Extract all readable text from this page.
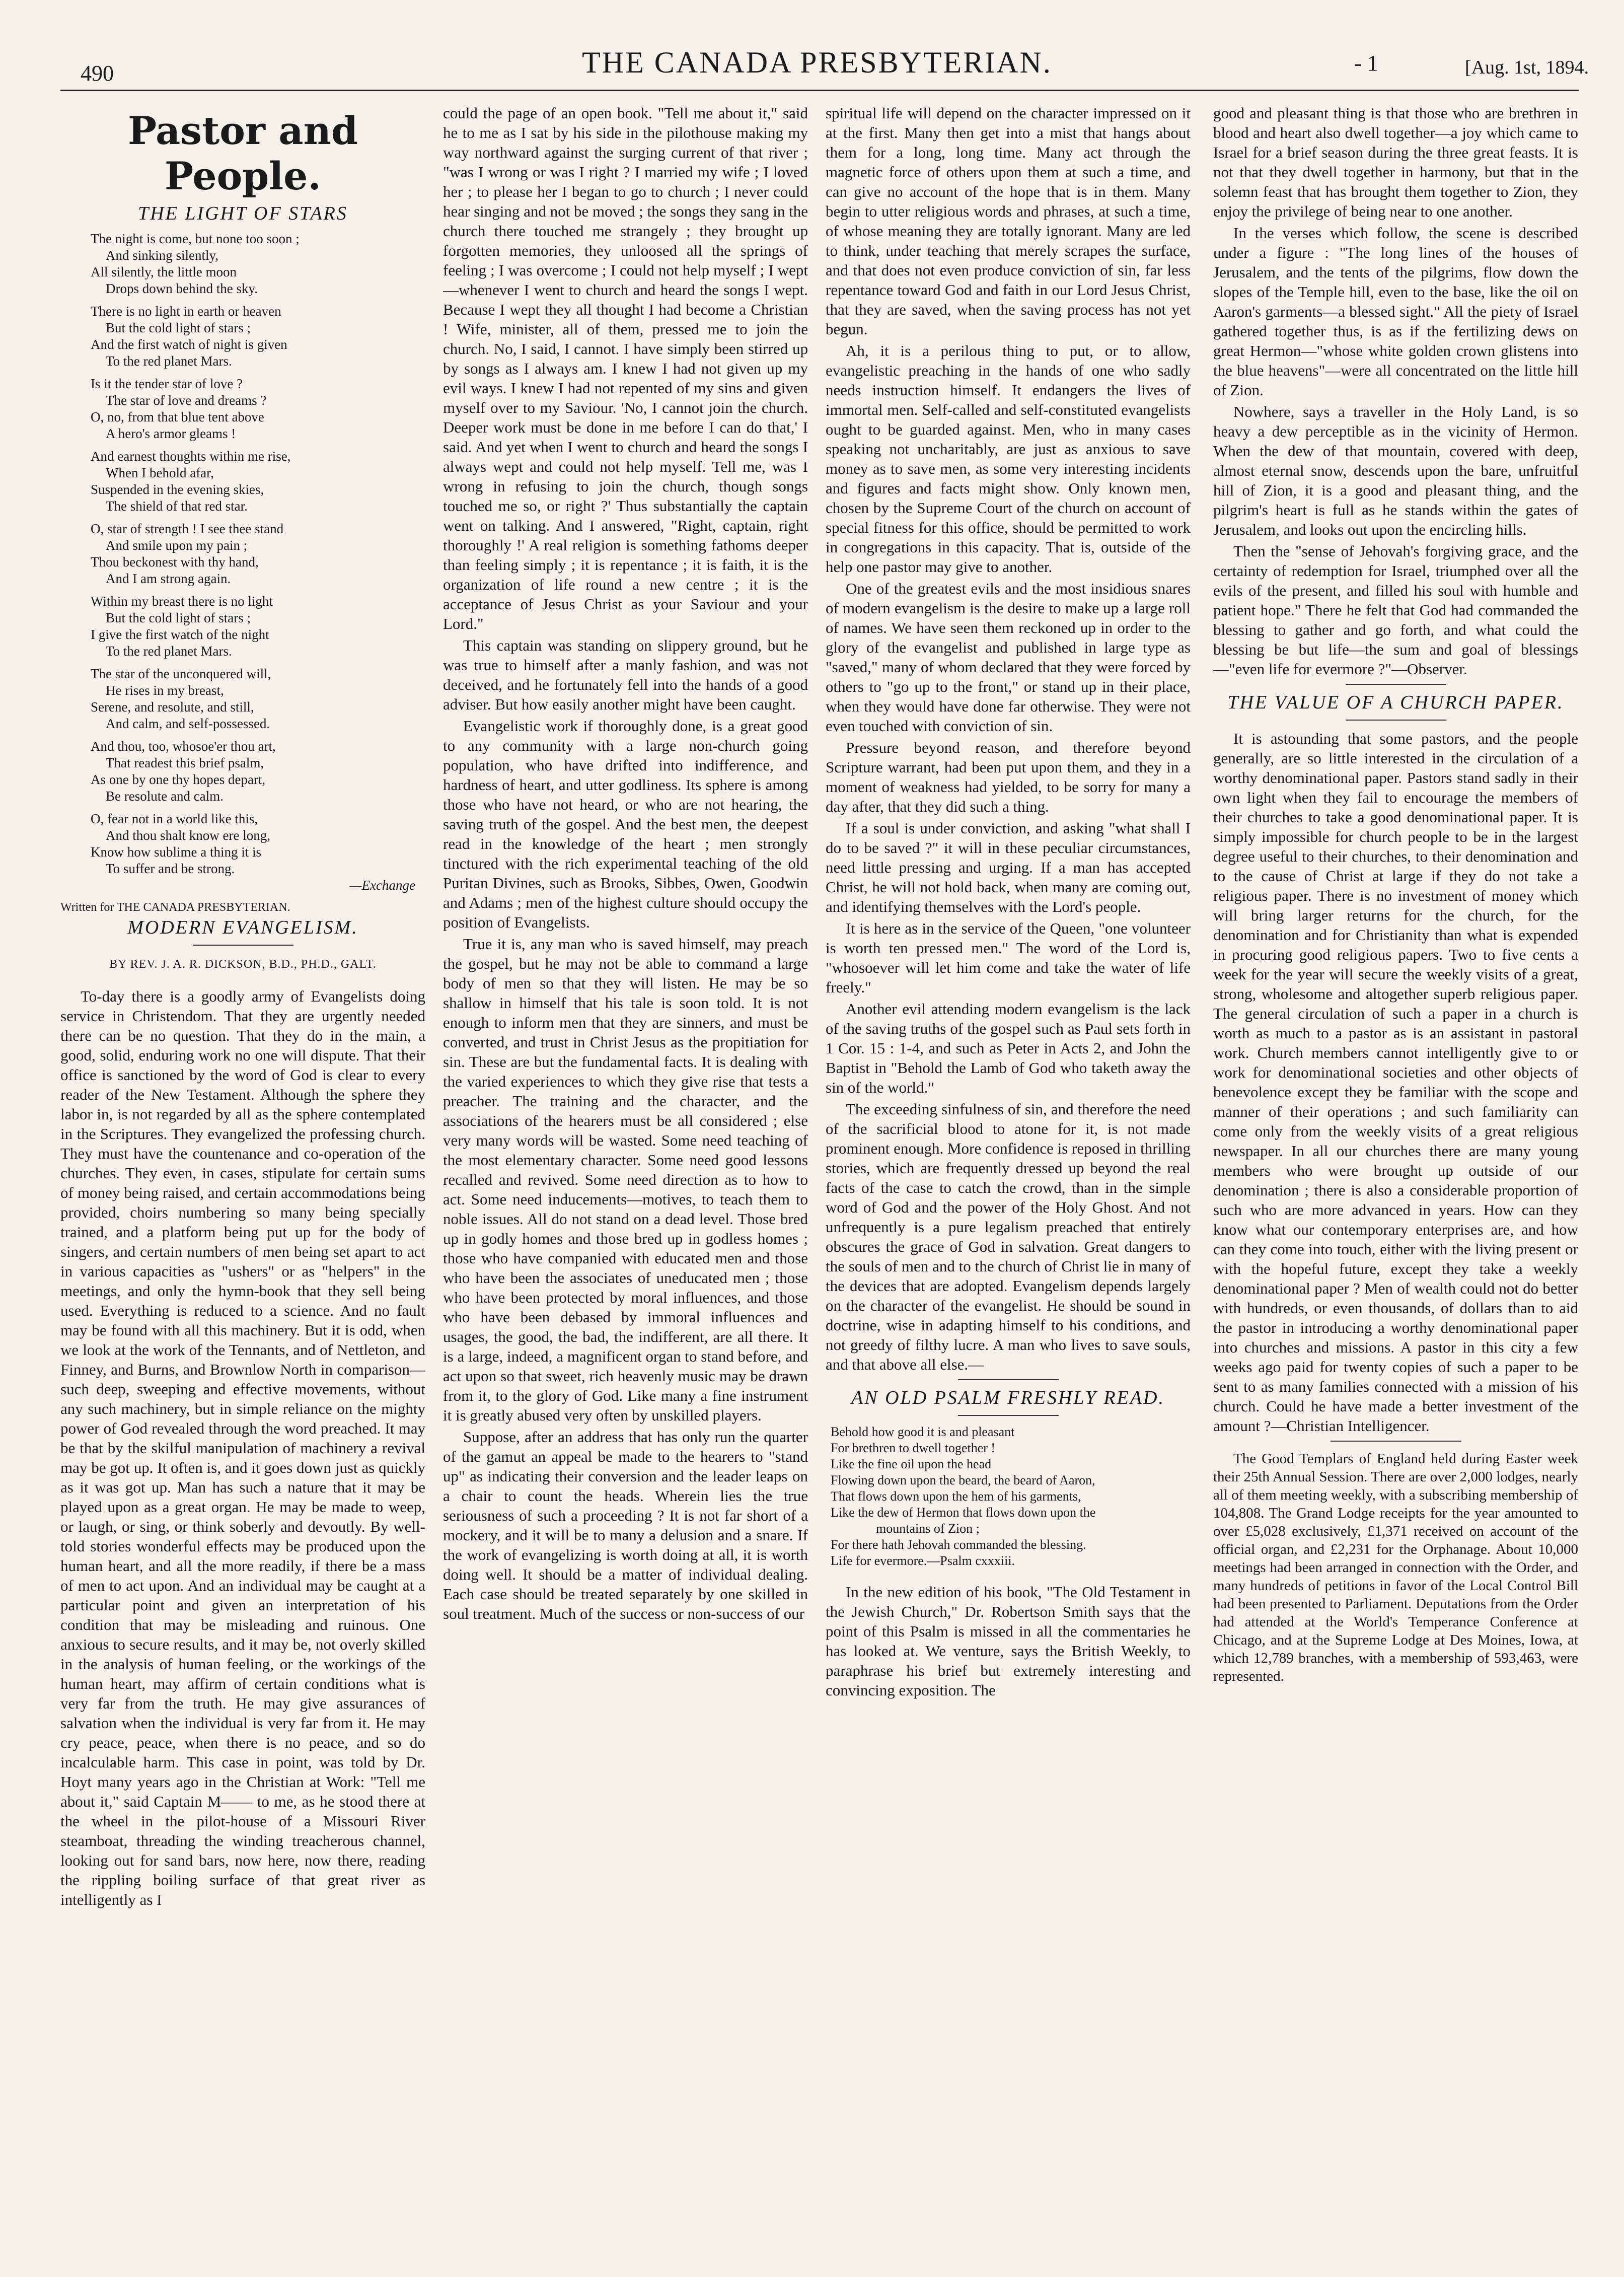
490	THE CANADA PRESBYTERIAN.	- 1	[Aug. 1st, 1894.
Pastor and People.
THE LIGHT OF STARS
The night is come, but none too soon ;
And sinking silently,
All silently, the little moon
Drops down behind the sky.
There is no light in earth or heaven
But the cold light of stars ;
And the first watch of night is given
To the red planet Mars.
Is it the tender star of love ?
The star of love and dreams ?
O, no, from that blue tent above
A hero's armor gleams !
And earnest thoughts within me rise,
When I behold afar,
Suspended in the evening skies,
The shield of that red star.
O, star of strength ! I see thee stand
And smile upon my pain ;
Thou beckonest with thy hand,
And I am strong again.
Within my breast there is no light
But the cold light of stars ;
I give the first watch of the night
To the red planet Mars.
The star of the unconquered will,
He rises in my breast,
Serene, and resolute, and still,
And calm, and self-possessed.
And thou, too, whosoe'er thou art,
That readest this brief psalm,
As one by one thy hopes depart,
Be resolute and calm.
O, fear not in a world like this,
And thou shalt know ere long,
Know how sublime a thing it is
To suffer and be strong.
—Exchange
Written for THE CANADA PRESBYTERIAN.
MODERN EVANGELISM.
BY REV. J. A. R. DICKSON, B.D., PH.D., GALT.

To-day there is a goodly army of Evangelists doing service in Christendom. That they are urgently needed there can be no question. That they do in the main, a good, solid, enduring work no one will dispute. That their office is sanctioned by the word of God is clear to every reader of the New Testament. Although the sphere they labor in, is not regarded by all as the sphere contemplated in the Scriptures. They evangelized the professing church. They must have the countenance and co-operation of the churches. They even, in cases, stipulate for certain sums of money being raised, and certain accommodations being provided, choirs numbering so many being specially trained, and a platform being put up for the body of singers, and certain numbers of men being set apart to act in various capacities as "ushers" or as "helpers" in the meetings, and only the hymn-book that they sell being used. Everything is reduced to a science. And no fault may be found with all this machinery. But it is odd, when we look at the work of the Tennants, and of Nettleton, and Finney, and Burns, and Brownlow North in comparison—such deep, sweeping and effective movements, without any such machinery, but in simple reliance on the mighty power of God revealed through the word preached. It may be that by the skilful manipulation of machinery a revival may be got up. It often is, and it goes down just as quickly as it was got up. Man has such a nature that it may be played upon as a great organ. He may be made to weep, or laugh, or sing, or think soberly and devoutly. By well-told stories wonderful effects may be produced upon the human heart, and all the more readily, if there be a mass of men to act upon. And an individual may be caught at a particular point and given an interpretation of his condition that may be misleading and ruinous. One anxious to secure results, and it may be, not overly skilled in the analysis of human feeling, or the workings of the human heart, may affirm of certain conditions what is very far from the truth. He may give assurances of salvation when the individual is very far from it. He may cry peace, peace, when there is no peace, and so do incalculable harm. This case in point, was told by Dr. Hoyt many years ago in the Christian at Work: "Tell me about it," said Captain M—— to me, as he stood there at the wheel in the pilot-house of a Missouri River steamboat, threading the winding treacherous channel, looking out for sand bars, now here, now there, reading the rippling boiling surface of that great river as intelligently as I

could the page of an open book. "Tell me about it," said he to me as I sat by his side in the pilothouse making my way northward against the surging current of that river ; "was I wrong or was I right ? I married my wife ; I loved her ; to please her I began to go to church ; I never could hear singing and not be moved ; the songs they sang in the church there touched me strangely ; they brought up forgotten memories, they unloosed all the springs of feeling ; I was overcome ; I could not help myself ; I wept—whenever I went to church and heard the songs I wept. Because I wept they all thought I had become a Christian ! Wife, minister, all of them, pressed me to join the church. No, I said, I cannot. I have simply been stirred up by songs as I always am. I knew I had not given up my evil ways. I knew I had not repented of my sins and given myself over to my Saviour. 'No, I cannot join the church. Deeper work must be done in me before I can do that,' I said. And yet when I went to church and heard the songs I always wept and could not help myself. Tell me, was I wrong in refusing to join the church, though songs touched me so, or right ?' Thus substantially the captain went on talking. And I answered, "Right, captain, right thoroughly !' A real religion is something fathoms deeper than feeling simply ; it is repentance ; it is faith, it is the organization of life round a new centre ; it is the acceptance of Jesus Christ as your Saviour and your Lord."

This captain was standing on slippery ground, but he was true to himself after a manly fashion, and was not deceived, and he fortunately fell into the hands of a good adviser. But how easily another might have been caught.

Evangelistic work if thoroughly done, is a great good to any community with a large non-church going population, who have drifted into indifference, and hardness of heart, and utter godliness. Its sphere is among those who have not heard, or who are not hearing, the saving truth of the gospel. And the best men, the deepest read in the knowledge of the heart ; men strongly tinctured with the rich experimental teaching of the old Puritan Divines, such as Brooks, Sibbes, Owen, Goodwin and Adams ; men of the highest culture should occupy the position of Evangelists.

True it is, any man who is saved himself, may preach the gospel, but he may not be able to command a large body of men so that they will listen. He may be so shallow in himself that his tale is soon told. It is not enough to inform men that they are sinners, and must be converted, and trust in Christ Jesus as the propitiation for sin. These are but the fundamental facts. It is dealing with the varied experiences to which they give rise that tests a preacher. The training and the character, and the associations of the hearers must be all considered ; else very many words will be wasted. Some need teaching of the most elementary character. Some need good lessons recalled and revived. Some need direction as to how to act. Some need inducements—motives, to teach them to noble issues. All do not stand on a dead level. Those bred up in godly homes and those bred up in godless homes ; those who have companied with educated men and those who have been the associates of uneducated men ; those who have been protected by moral influences, and those who have been debased by immoral influences and usages, the good, the bad, the indifferent, are all there. It is a large, indeed, a magnificent organ to stand before, and act upon so that sweet, rich heavenly music may be drawn from it, to the glory of God. Like many a fine instrument it is greatly abused very often by unskilled players.

Suppose, after an address that has only run the quarter of the gamut an appeal be made to the hearers to "stand up" as indicating their conversion and the leader leaps on a chair to count the heads. Wherein lies the true seriousness of such a proceeding ? It is not far short of a mockery, and it will be to many a delusion and a snare. If the work of evangelizing is worth doing at all, it is worth doing well. It should be a matter of individual dealing. Each case should be treated separately by one skilled in soul treatment. Much of the success or non-success of our

spiritual life will depend on the character impressed on it at the first. Many then get into a mist that hangs about them for a long, long time. Many act through the magnetic force of others upon them at such a time, and can give no account of the hope that is in them. Many begin to utter religious words and phrases, at such a time, of whose meaning they are totally ignorant. Many are led to think, under teaching that merely scrapes the surface, and that does not even produce conviction of sin, far less repentance toward God and faith in our Lord Jesus Christ, that they are saved, when the saving process has not yet begun.

Ah, it is a perilous thing to put, or to allow, evangelistic preaching in the hands of one who sadly needs instruction himself. It endangers the lives of immortal men. Self-called and self-constituted evangelists ought to be guarded against. Men, who in many cases speaking not uncharitably, are just as anxious to save money as to save men, as some very interesting incidents and figures and facts might show. Only known men, chosen by the Supreme Court of the church on account of special fitness for this office, should be permitted to work in congregations in this capacity. That is, outside of the help one pastor may give to another.

One of the greatest evils and the most insidious snares of modern evangelism is the desire to make up a large roll of names. We have seen them reckoned up in order to the glory of the evangelist and published in large type as "saved," many of whom declared that they were forced by others to "go up to the front," or stand up in their place, when they would have done far otherwise. They were not even touched with conviction of sin.

Pressure beyond reason, and therefore beyond Scripture warrant, had been put upon them, and they in a moment of weakness had yielded, to be sorry for many a day after, that they did such a thing.

If a soul is under conviction, and asking "what shall I do to be saved ?" it will in these peculiar circumstances, need little pressing and urging. If a man has accepted Christ, he will not hold back, when many are coming out, and identifying themselves with the Lord's people.

It is here as in the service of the Queen, "one volunteer is worth ten pressed men." The word of the Lord is, "whosoever will let him come and take the water of life freely."

Another evil attending modern evangelism is the lack of the saving truths of the gospel such as Paul sets forth in 1 Cor. 15 : 1-4, and such as Peter in Acts 2, and John the Baptist in "Behold the Lamb of God who taketh away the sin of the world."

The exceeding sinfulness of sin, and therefore the need of the sacrificial blood to atone for it, is not made prominent enough. More confidence is reposed in thrilling stories, which are frequently dressed up beyond the real facts of the case to catch the crowd, than in the simple word of God and the power of the Holy Ghost. And not unfrequently is a pure legalism preached that entirely obscures the grace of God in salvation. Great dangers to the souls of men and to the church of Christ lie in many of the devices that are adopted. Evangelism depends largely on the character of the evangelist. He should be sound in doctrine, wise in adapting himself to his conditions, and not greedy of filthy lucre. A man who lives to save souls, and that above all else.—

AN OLD PSALM FRESHLY READ.
Behold how good it is and pleasant
For brethren to dwell together !
Like the fine oil upon the head
Flowing down upon the beard, the beard of Aaron,
That flows down upon the hem of his garments,
Like the dew of Hermon that flows down upon the
mountains of Zion ;
For there hath Jehovah commanded the blessing.
Life for evermore.—Psalm cxxxiii.

In the new edition of his book, "The Old Testament in the Jewish Church," Dr. Robertson Smith says that the point of this Psalm is missed in all the commentaries he has looked at. We venture, says the British Weekly, to paraphrase his brief but extremely interesting and convincing exposition. The

good and pleasant thing is that those who are brethren in blood and heart also dwell together—a joy which came to Israel for a brief season during the three great feasts. It is not that they dwell together in harmony, but that in the solemn feast that has brought them together to Zion, they enjoy the privilege of being near to one another.

In the verses which follow, the scene is described under a figure : "The long lines of the houses of Jerusalem, and the tents of the pilgrims, flow down the slopes of the Temple hill, even to the base, like the oil on Aaron's garments—a blessed sight." All the piety of Israel gathered together thus, is as if the fertilizing dews on great Hermon—"whose white golden crown glistens into the blue heavens"—were all concentrated on the little hill of Zion.

Nowhere, says a traveller in the Holy Land, is so heavy a dew perceptible as in the vicinity of Hermon. When the dew of that mountain, covered with deep, almost eternal snow, descends upon the bare, unfruitful hill of Zion, it is a good and pleasant thing, and the pilgrim's heart is full as he stands within the gates of Jerusalem, and looks out upon the encircling hills.

Then the "sense of Jehovah's forgiving grace, and the certainty of redemption for Israel, triumphed over all the evils of the present, and filled his soul with humble and patient hope." There he felt that God had commanded the blessing to gather and go forth, and what could the blessing be but life—the sum and goal of blessings—"even life for evermore ?"—Observer.

THE VALUE OF A CHURCH PAPER.

It is astounding that some pastors, and the people generally, are so little interested in the circulation of a worthy denominational paper. Pastors stand sadly in their own light when they fail to encourage the members of their churches to take a good denominational paper. It is simply impossible for church people to be in the largest degree useful to their churches, to their denomination and to the cause of Christ at large if they do not take a religious paper. There is no investment of money which will bring larger returns for the church, for the denomination and for Christianity than what is expended in procuring good religious papers. Two to five cents a week for the year will secure the weekly visits of a great, strong, wholesome and altogether superb religious paper. The general circulation of such a paper in a church is worth as much to a pastor as is an assistant in pastoral work. Church members cannot intelligently give to or work for denominational societies and other objects of benevolence except they be familiar with the scope and manner of their operations ; and such familiarity can come only from the weekly visits of a great religious newspaper. In all our churches there are many young members who were brought up outside of our denomination ; there is also a considerable proportion of such who are more advanced in years. How can they know what our contemporary enterprises are, and how can they come into touch, either with the living present or with the hopeful future, except they take a weekly denominational paper ? Men of wealth could not do better with hundreds, or even thousands, of dollars than to aid the pastor in introducing a worthy denominational paper into churches and missions. A pastor in this city a few weeks ago paid for twenty copies of such a paper to be sent to as many families connected with a mission of his church. Could he have made a better investment of the amount ?—Christian Intelligencer.

The Good Templars of England held during Easter week their 25th Annual Session. There are over 2,000 lodges, nearly all of them meeting weekly, with a subscribing membership of 104,808. The Grand Lodge receipts for the year amounted to over £5,028 exclusively, £1,371 received on account of the official organ, and £2,231 for the Orphanage. About 10,000 meetings had been arranged in connection with the Order, and many hundreds of petitions in favor of the Local Control Bill had been presented to Parliament. Deputations from the Order had attended at the World's Temperance Conference at Chicago, and at the Supreme Lodge at Des Moines, Iowa, at which 12,789 branches, with a membership of 593,463, were represented.
